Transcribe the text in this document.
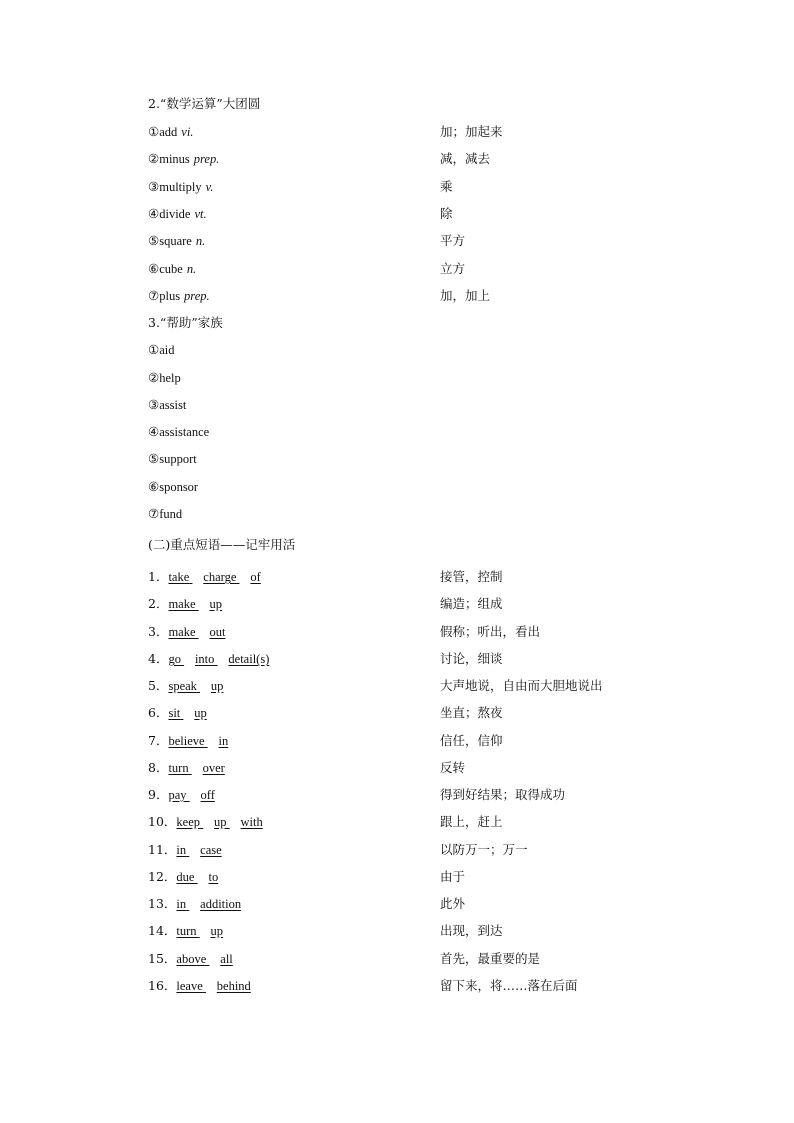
2.“数学运算”大团圆
①add vi.	加；加起来
②minus prep.	减，减去
③multiply v.	乘
④divide vt.	除
⑤square n.	平方
⑥cube n.	立方
⑦plus prep.	加，加上
3.“帮助”家族
①aid
②help
③assist
④assistance
⑤support
⑥sponsor
⑦fund
(二)重点短语——记牢用活
1．take charge of	接管，控制
2．make up	编造；组成
3．make out	假称；听出，看出
4．go into detail(s)	讨论，细谈
5．speak up	大声地说，自由而大胆地说出
6．sit up	坐直；熬夜
7．believe in	信任，信仰
8．turn over	反转
9．pay off	得到好结果；取得成功
10．keep up with	跟上，赶上
11．in case	以防万一；万一
12．due to	由于
13．in addition	此外
14．turn up	出现，到达
15．above all	首先，最重要的是
16．leave behind	留下来，将……落在后面
